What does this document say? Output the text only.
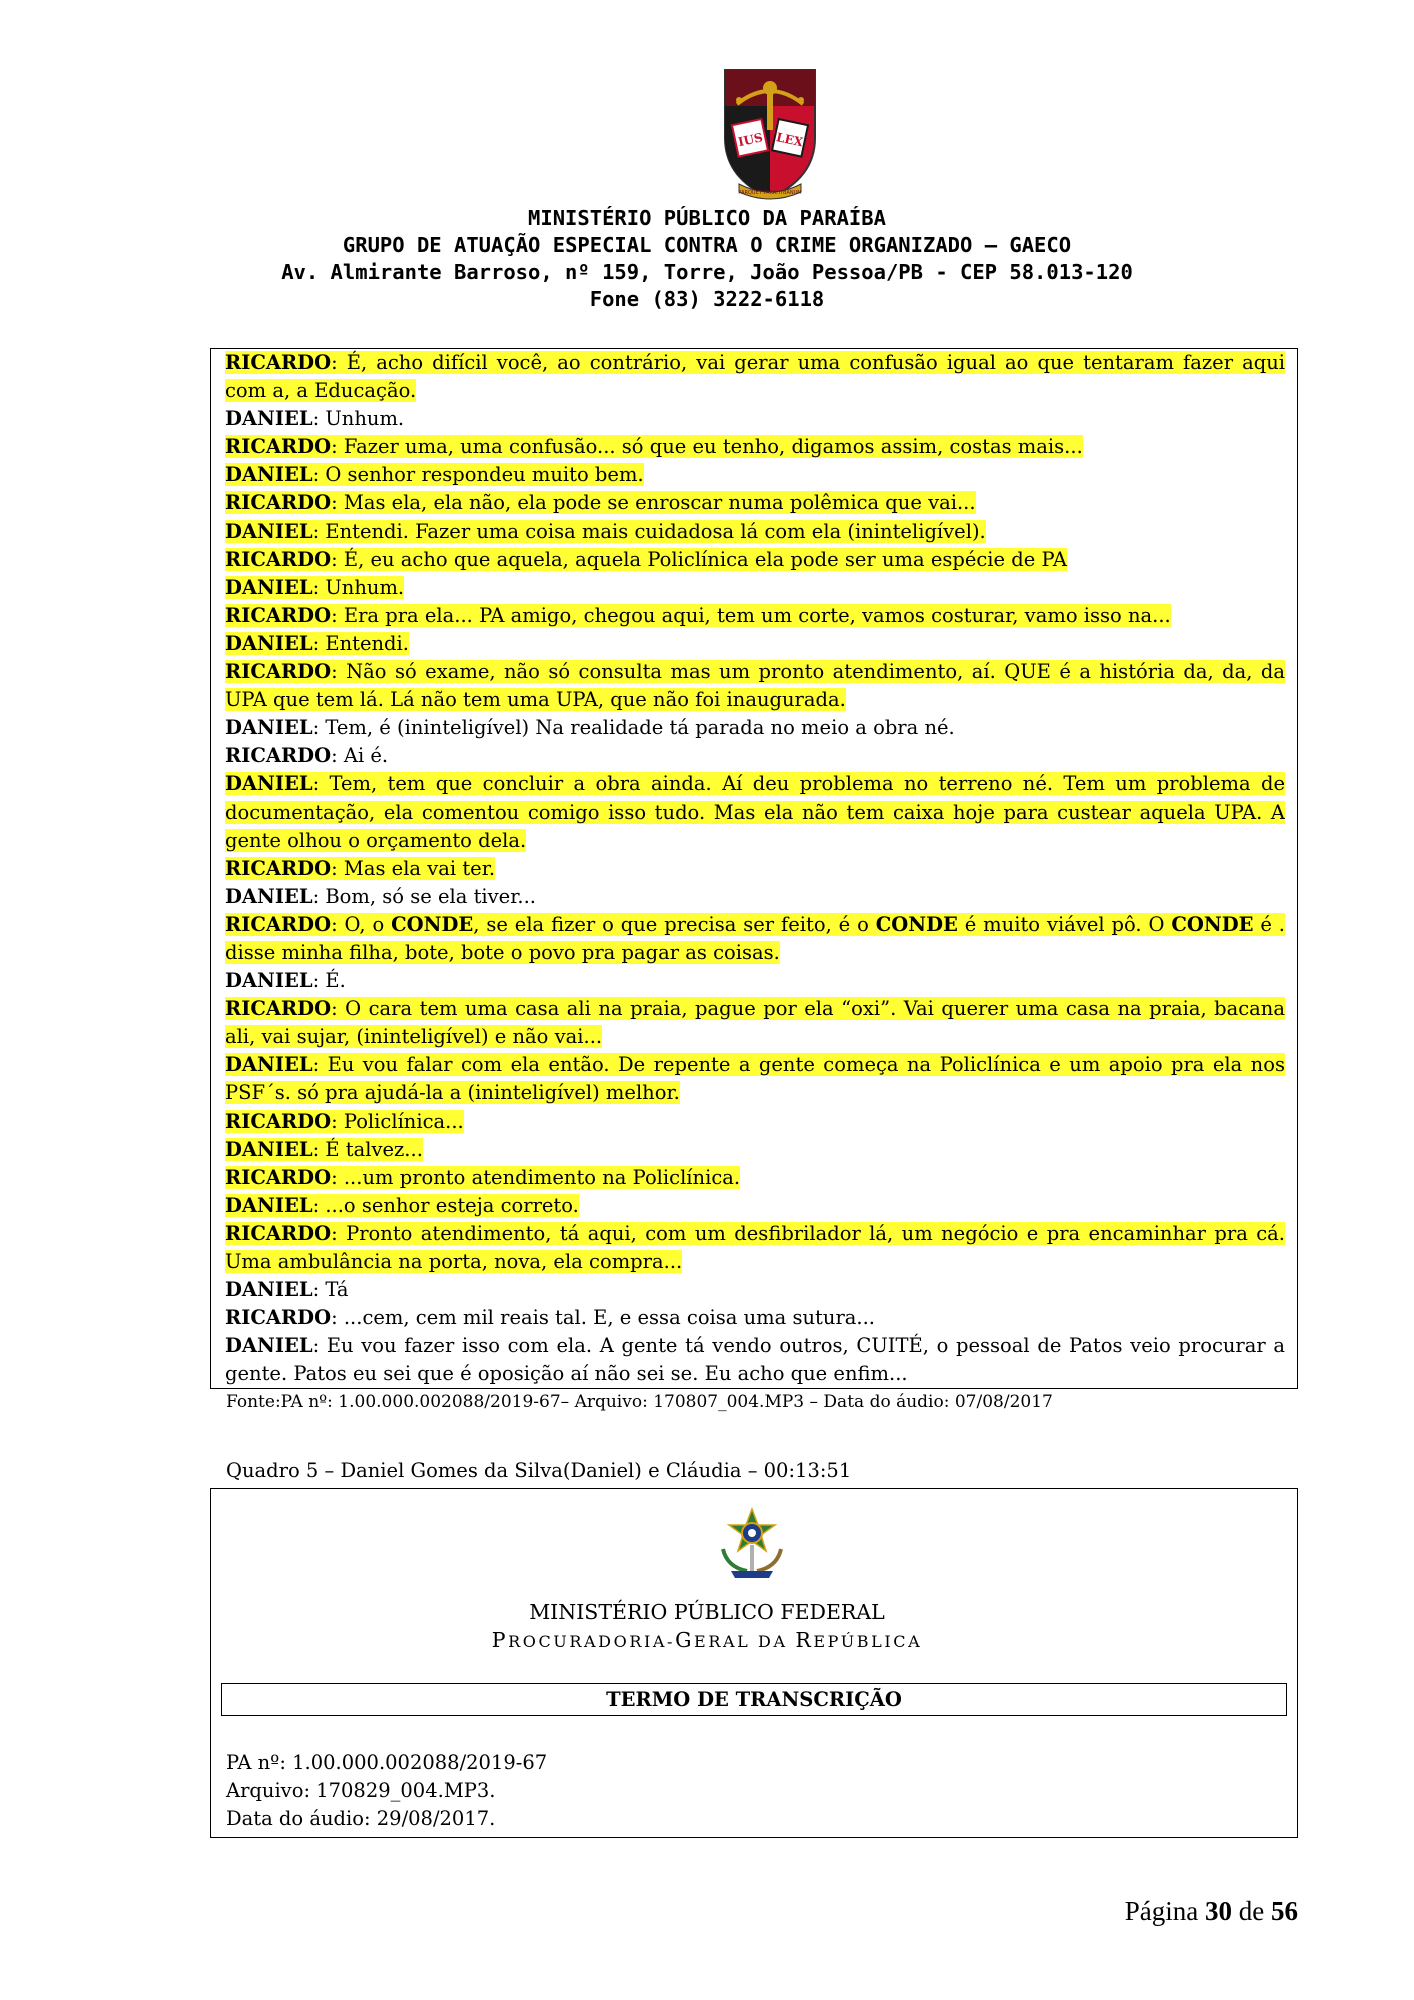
IUS LEX
PARQUET PARAHYBANUM
MINISTÉRIO PÚBLICO DA PARAÍBA
GRUPO DE ATUAÇÃO ESPECIAL CONTRA O CRIME ORGANIZADO – GAECO
Av. Almirante Barroso, nº 159, Torre, João Pessoa/PB - CEP 58.013-120
Fone (83) 3222-6118
RICARDO: É, acho difícil você, ao contrário, vai gerar uma confusão igual ao que tentaram fazer aqui
com a, a Educação.
DANIEL: Unhum.
RICARDO: Fazer uma, uma confusão... só que eu tenho, digamos assim, costas mais...
DANIEL: O senhor respondeu muito bem.
RICARDO: Mas ela, ela não, ela pode se enroscar numa polêmica que vai...
DANIEL: Entendi. Fazer uma coisa mais cuidadosa lá com ela (ininteligível).
RICARDO: É, eu acho que aquela, aquela Policlínica ela pode ser uma espécie de PA
DANIEL: Unhum.
RICARDO: Era pra ela... PA amigo, chegou aqui, tem um corte, vamos costurar, vamo isso na...
DANIEL: Entendi.
RICARDO: Não só exame, não só consulta mas um pronto atendimento, aí. QUE é a história da, da, da
UPA que tem lá. Lá não tem uma UPA, que não foi inaugurada.
DANIEL: Tem, é (ininteligível) Na realidade tá parada no meio a obra né.
RICARDO: Ai é.
DANIEL: Tem, tem que concluir a obra ainda. Aí deu problema no terreno né. Tem um problema de
documentação, ela comentou comigo isso tudo. Mas ela não tem caixa hoje para custear aquela UPA. A
gente olhou o orçamento dela.
RICARDO: Mas ela vai ter.
DANIEL: Bom, só se ela tiver...
RICARDO: O, o CONDE, se ela fizer o que precisa ser feito, é o CONDE é muito viável pô. O CONDE é .
disse minha filha, bote, bote o povo pra pagar as coisas.
DANIEL: É.
RICARDO: O cara tem uma casa ali na praia, pague por ela “oxi”. Vai querer uma casa na praia, bacana
ali, vai sujar, (ininteligível) e não vai...
DANIEL: Eu vou falar com ela então. De repente a gente começa na Policlínica e um apoio pra ela nos
PSF´s. só pra ajudá-la a (ininteligível) melhor.
RICARDO: Policlínica...
DANIEL: É talvez...
RICARDO: ...um pronto atendimento na Policlínica.
DANIEL: ...o senhor esteja correto.
RICARDO: Pronto atendimento, tá aqui, com um desfibrilador lá, um negócio e pra encaminhar pra cá.
Uma ambulância na porta, nova, ela compra...
DANIEL: Tá
RICARDO: ...cem, cem mil reais tal. E, e essa coisa uma sutura...
DANIEL: Eu vou fazer isso com ela. A gente tá vendo outros, CUITÉ, o pessoal de Patos veio procurar a
gente. Patos eu sei que é oposição aí não sei se. Eu acho que enfim...
Fonte:PA nº: 1.00.000.002088/2019-67– Arquivo: 170807_004.MP3 – Data do áudio: 07/08/2017
Quadro 5 – Daniel Gomes da Silva(Daniel) e Cláudia – 00:13:51
MINISTÉRIO PÚBLICO FEDERAL
PROCURADORIA-GERAL DA REPÚBLICA
TERMO DE TRANSCRIÇÃO
PA nº: 1.00.000.002088/2019-67
Arquivo: 170829_004.MP3.
Data do áudio: 29/08/2017.
Página 30 de 56
